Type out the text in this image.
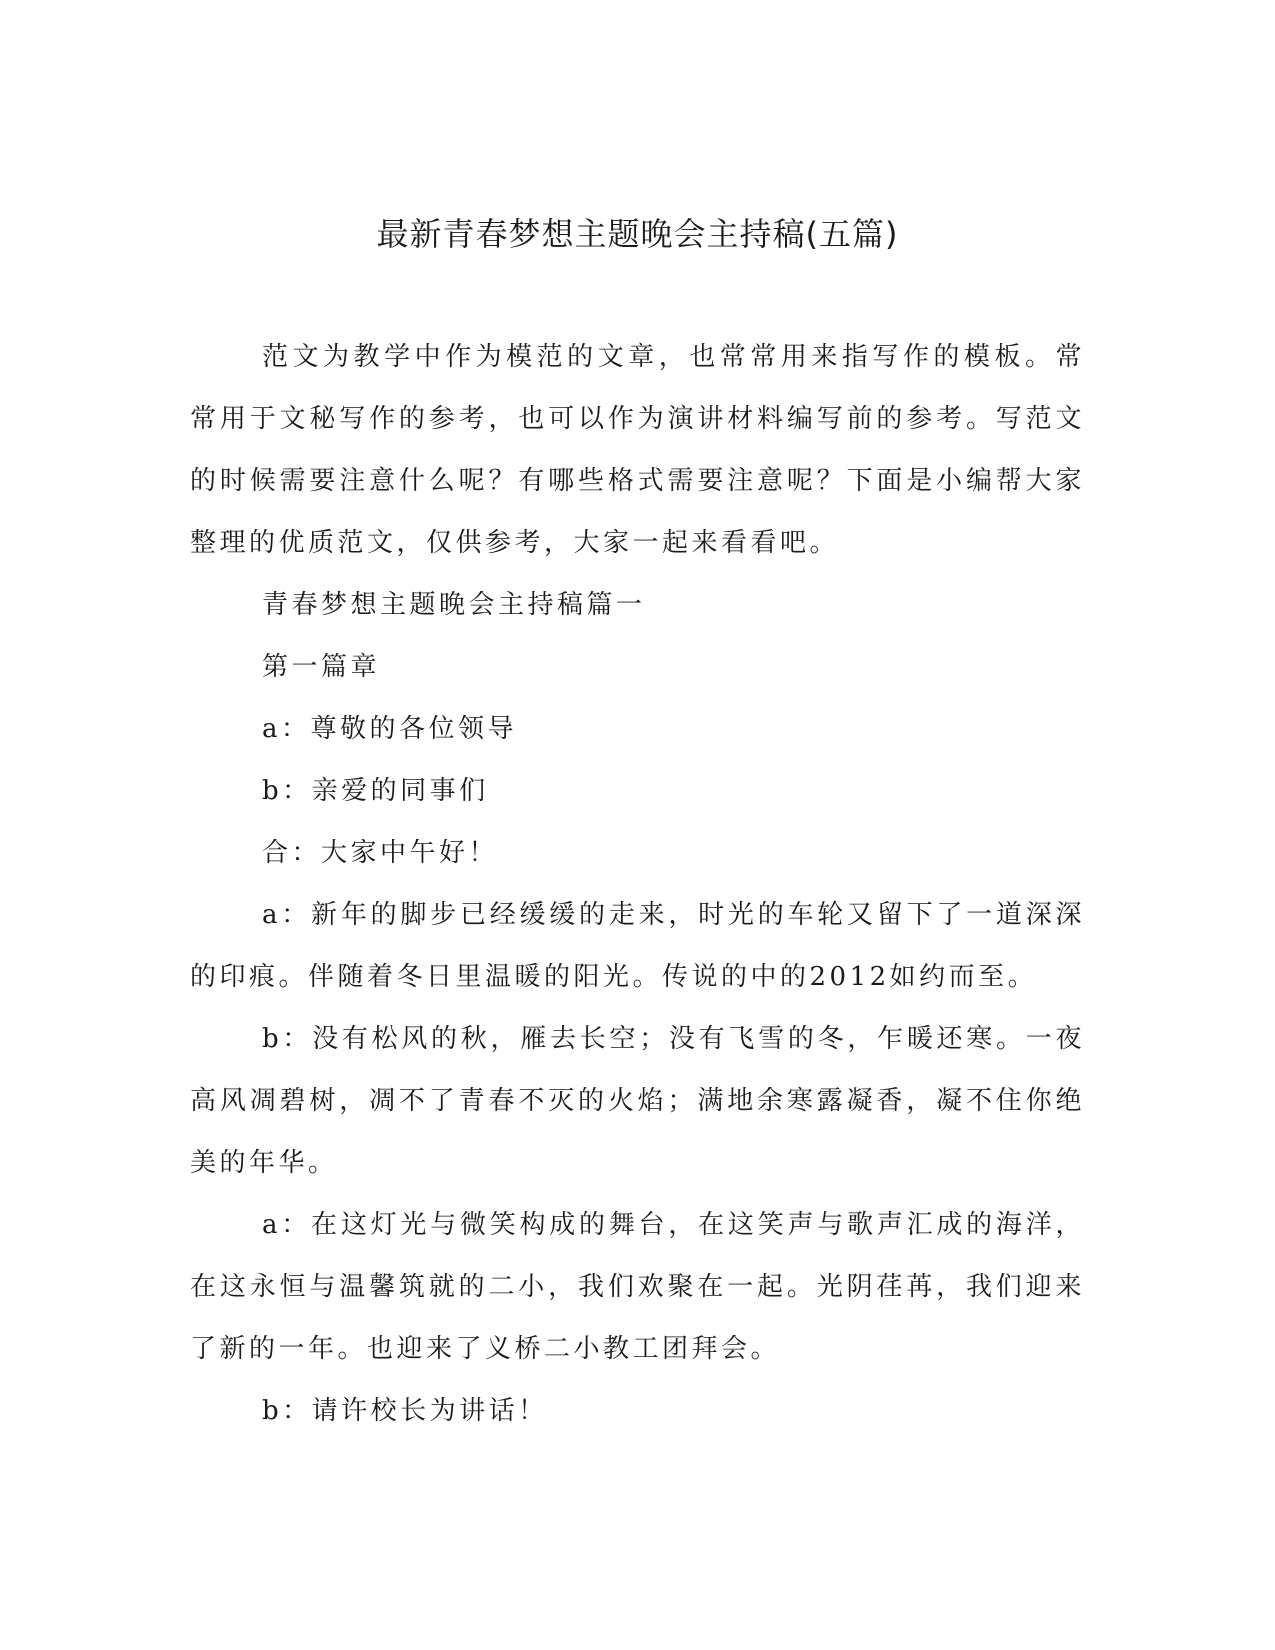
最新青春梦想主题晚会主持稿(五篇)

范文为教学中作为模范的文章，也常常用来指写作的模板。常常用于文秘写作的参考，也可以作为演讲材料编写前的参考。写范文的时候需要注意什么呢？有哪些格式需要注意呢？下面是小编帮大家整理的优质范文，仅供参考，大家一起来看看吧。

青春梦想主题晚会主持稿篇一

第一篇章

a：尊敬的各位领导

b：亲爱的同事们

合：大家中午好！

a：新年的脚步已经缓缓的走来，时光的车轮又留下了一道深深的印痕。伴随着冬日里温暖的阳光。传说的中的2012如约而至。

b：没有松风的秋，雁去长空；没有飞雪的冬，乍暖还寒。一夜高风凋碧树，凋不了青春不灭的火焰；满地余寒露凝香，凝不住你绝美的年华。

a：在这灯光与微笑构成的舞台，在这笑声与歌声汇成的海洋，在这永恒与温馨筑就的二小，我们欢聚在一起。光阴荏苒，我们迎来了新的一年。也迎来了义桥二小教工团拜会。

b：请许校长为讲话！
